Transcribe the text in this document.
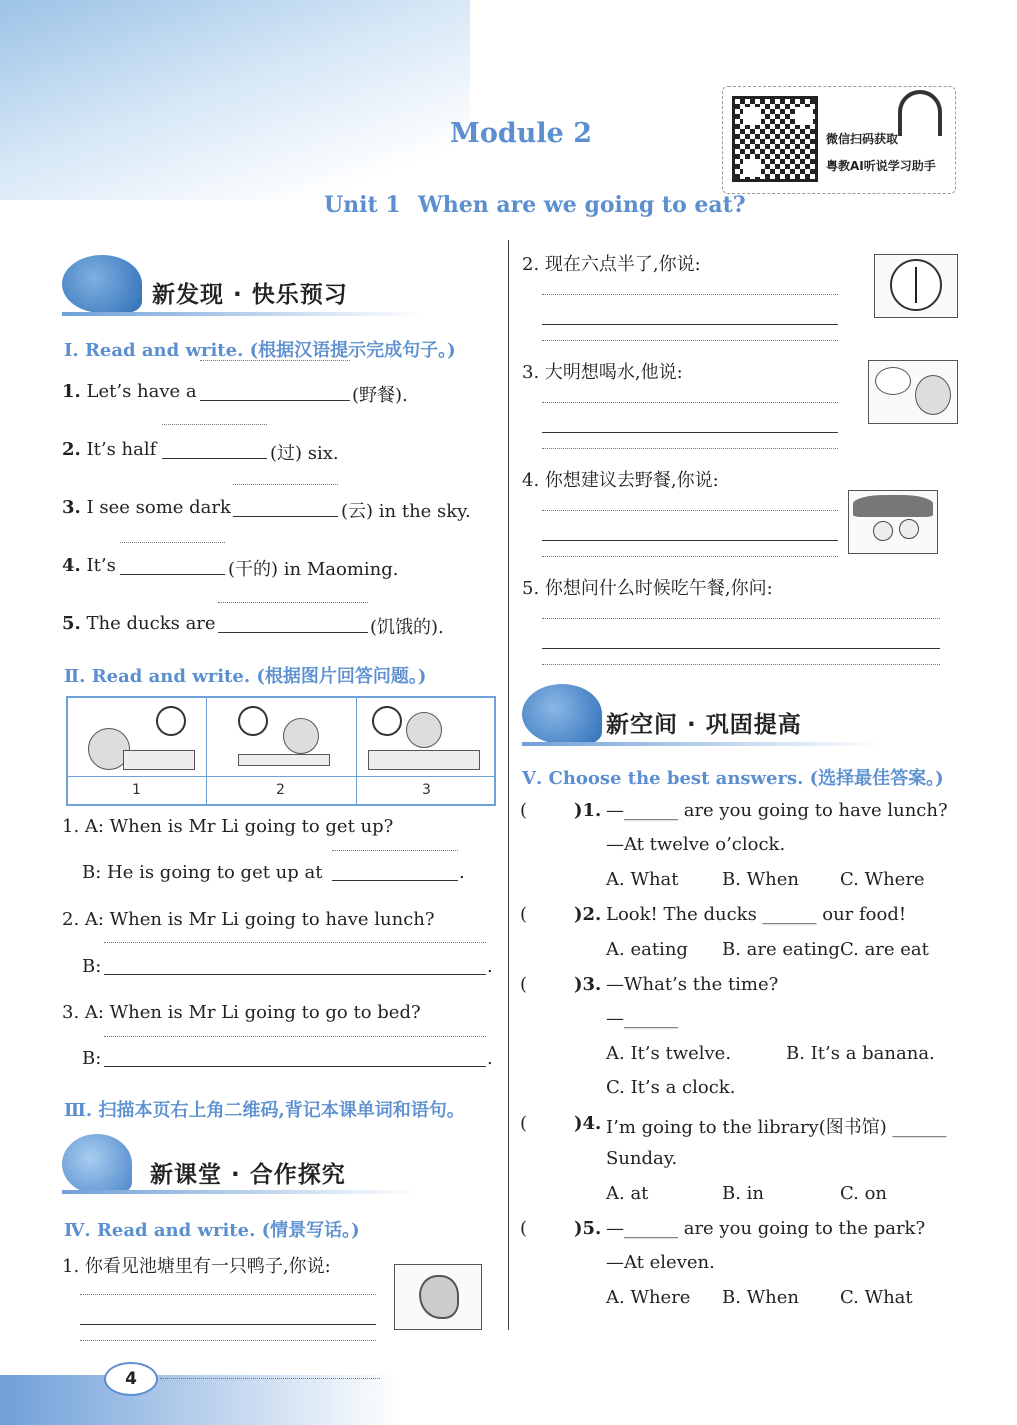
Module 2
Unit 1 When are we going to eat?
微信扫码获取
粤教AI听说学习助手
新发现 · 快乐预习
Ⅰ. Read and write. (根据汉语提示完成句子。)
1. Let’s have a	(野餐).
2. It’s half	(过) six.
3. I see some dark	(云) in the sky.
4. It’s	(干的) in Maoming.
5. The ducks are	(饥饿的).
Ⅱ. Read and write. (根据图片回答问题。)
1	2	3
1. A: When is Mr Li going to get up?
B: He is going to get up at	.
2. A: When is Mr Li going to have lunch?
B:	.
3. A: When is Mr Li going to go to bed?
B:	.
Ⅲ. 扫描本页右上角二维码,背记本课单词和语句。
新课堂 · 合作探究
Ⅳ. Read and write. (情景写话。)
1. 你看见池塘里有一只鸭子,你说:
2. 现在六点半了,你说:
3. 大明想喝水,他说:
4. 你想建议去野餐,你说:
5. 你想问什么时候吃午餐,你问:
新空间 · 巩固提高
Ⅴ. Choose the best answers. (选择最佳答案。)
(	)1. —______ are you going to have lunch?
—At twelve o’clock.
A. What B. When C. Where
(	)2. Look! The ducks ______ our food!
A. eating B. are eating C. are eat
(	)3. —What’s the time?
—______
A. It’s twelve.	B. It’s a banana.
C. It’s a clock.
(	)4. I’m going to the library(图书馆) ______
Sunday.
A. at	B. in	C. on
(	)5. —______ are you going to the park?
—At eleven.
A. Where B. When C. What
4
